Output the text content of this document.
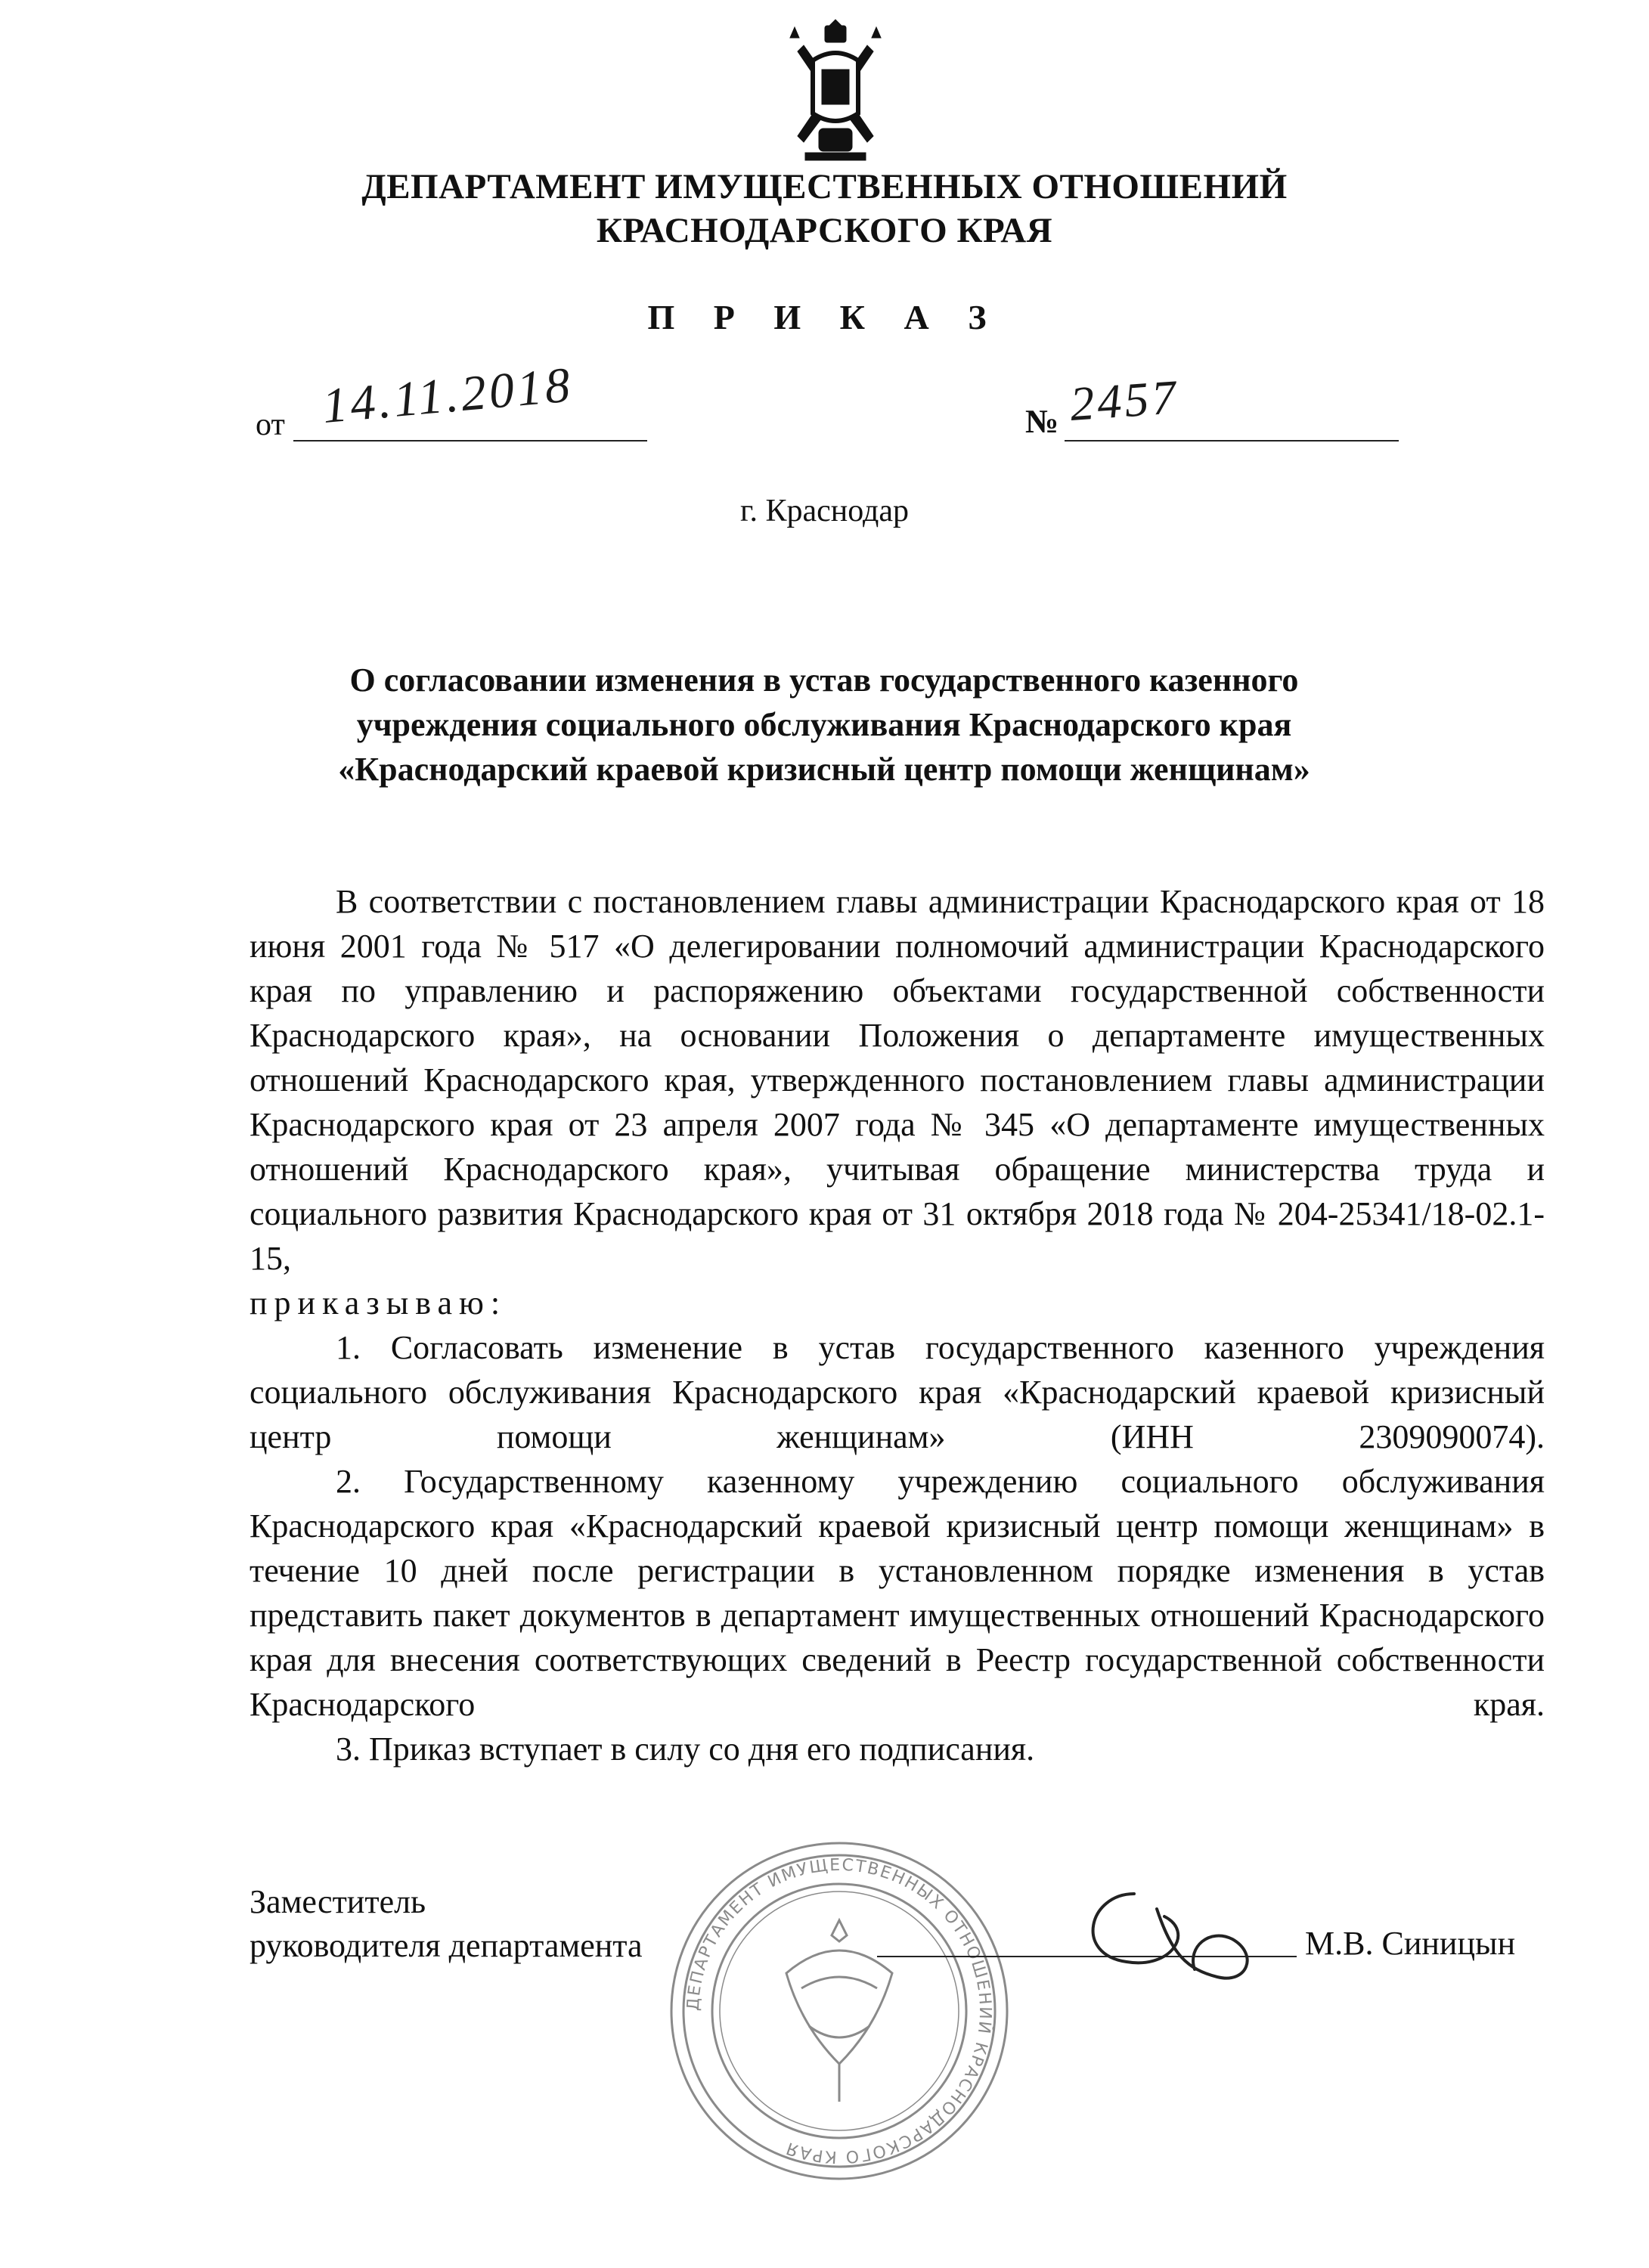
ДЕПАРТАМЕНТ ИМУЩЕСТВЕННЫХ ОТНОШЕНИЙ
КРАСНОДАРСКОГО КРАЯ
П Р И К А З
от 14.11.2018	№ 2457
г. Краснодар
О согласовании изменения в устав государственного казенного
учреждения социального обслуживания Краснодарского края
«Краснодарский краевой кризисный центр помощи женщинам»

В соответствии с постановлением главы администрации Краснодарского края от 18 июня 2001 года № 517 «О делегировании полномочий администрации Краснодарского края по управлению и распоряжению объектами государственной собственности Краснодарского края», на основании Положения о департаменте имущественных отношений Краснодарского края, утвержденного постановлением главы администрации Краснодарского края от 23 апреля 2007 года № 345 «О департаменте имущественных отношений Краснодарского края», учитывая обращение министерства труда и социального развития Краснодарского края от 31 октября 2018 года № 204-25341/18-02.1-15,

приказываю:

1. Согласовать изменение в устав государственного казенного учреждения социального обслуживания Краснодарского края «Краснодарский краевой кризисный центр помощи женщинам» (ИНН 2309090074).

2. Государственному казенному учреждению социального обслуживания Краснодарского края «Краснодарский краевой кризисный центр помощи женщинам» в течение 10 дней после регистрации в установленном порядке изменения в устав представить пакет документов в департамент имущественных отношений Краснодарского края для внесения соответствующих сведений в Реестр государственной собственности Краснодарского края.

3. Приказ вступает в силу со дня его подписания.

ДЕПАРТАМЕНТ ИМУЩЕСТВЕННЫХ ОТНОШЕНИЙ КРАСНОДАРСКОГО КРАЯ
Заместитель
руководителя департамента	М.В. Синицын
